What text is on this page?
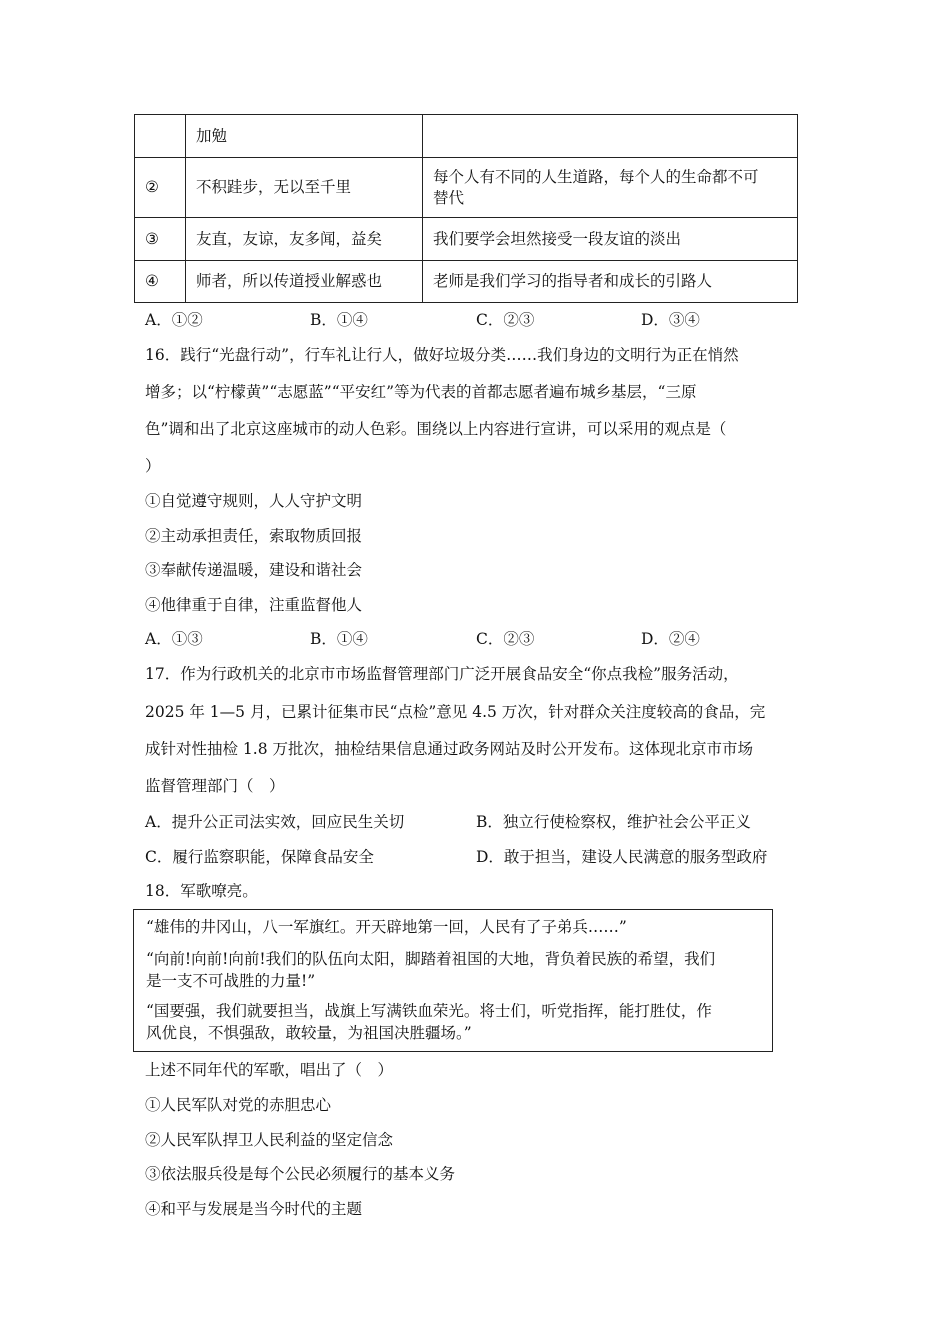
	加勉	
②	不积跬步，无以至千里	每个人有不同的人生道路，每个人的生命都不可
替代

③	友直，友谅，友多闻，益矣	我们要学会坦然接受一段友谊的淡出
④	师者，所以传道授业解惑也	老师是我们学习的指导者和成长的引路人
A．①②	B．①④	C．②③	D．③④
16．践行“光盘行动”，行车礼让行人，做好垃圾分类……我们身边的文明行为正在悄然
增多；以“柠檬黄”“志愿蓝”“平安红”等为代表的首都志愿者遍布城乡基层，“三原
色”调和出了北京这座城市的动人色彩。围绕以上内容进行宣讲，可以采用的观点是（
）
①自觉遵守规则，人人守护文明
②主动承担责任，索取物质回报
③奉献传递温暖，建设和谐社会
④他律重于自律，注重监督他人
A．①③	B．①④	C．②③	D．②④
17．作为行政机关的北京市市场监督管理部门广泛开展食品安全“你点我检”服务活动，
2025 年 1—5 月，已累计征集市民“点检”意见 4.5 万次，针对群众关注度较高的食品，完
成针对性抽检 1.8 万批次，抽检结果信息通过政务网站及时公开发布。这体现北京市市场
监督管理部门（　）
A．提升公正司法实效，回应民生关切	B．独立行使检察权，维护社会公平正义
C．履行监察职能，保障食品安全	D．敢于担当，建设人民满意的服务型政府
18．军歌嘹亮。
“雄伟的井冈山，八一军旗红。开天辟地第一回，人民有了子弟兵……”
“向前!向前!向前!我们的队伍向太阳，脚踏着祖国的大地，背负着民族的希望，我们
是一支不可战胜的力量!”
“国要强，我们就要担当，战旗上写满铁血荣光。将士们，听党指挥，能打胜仗，作
风优良，不惧强敌，敢较量，为祖国决胜疆场。”
上述不同年代的军歌，唱出了（　）
①人民军队对党的赤胆忠心
②人民军队捍卫人民利益的坚定信念
③依法服兵役是每个公民必须履行的基本义务
④和平与发展是当今时代的主题
